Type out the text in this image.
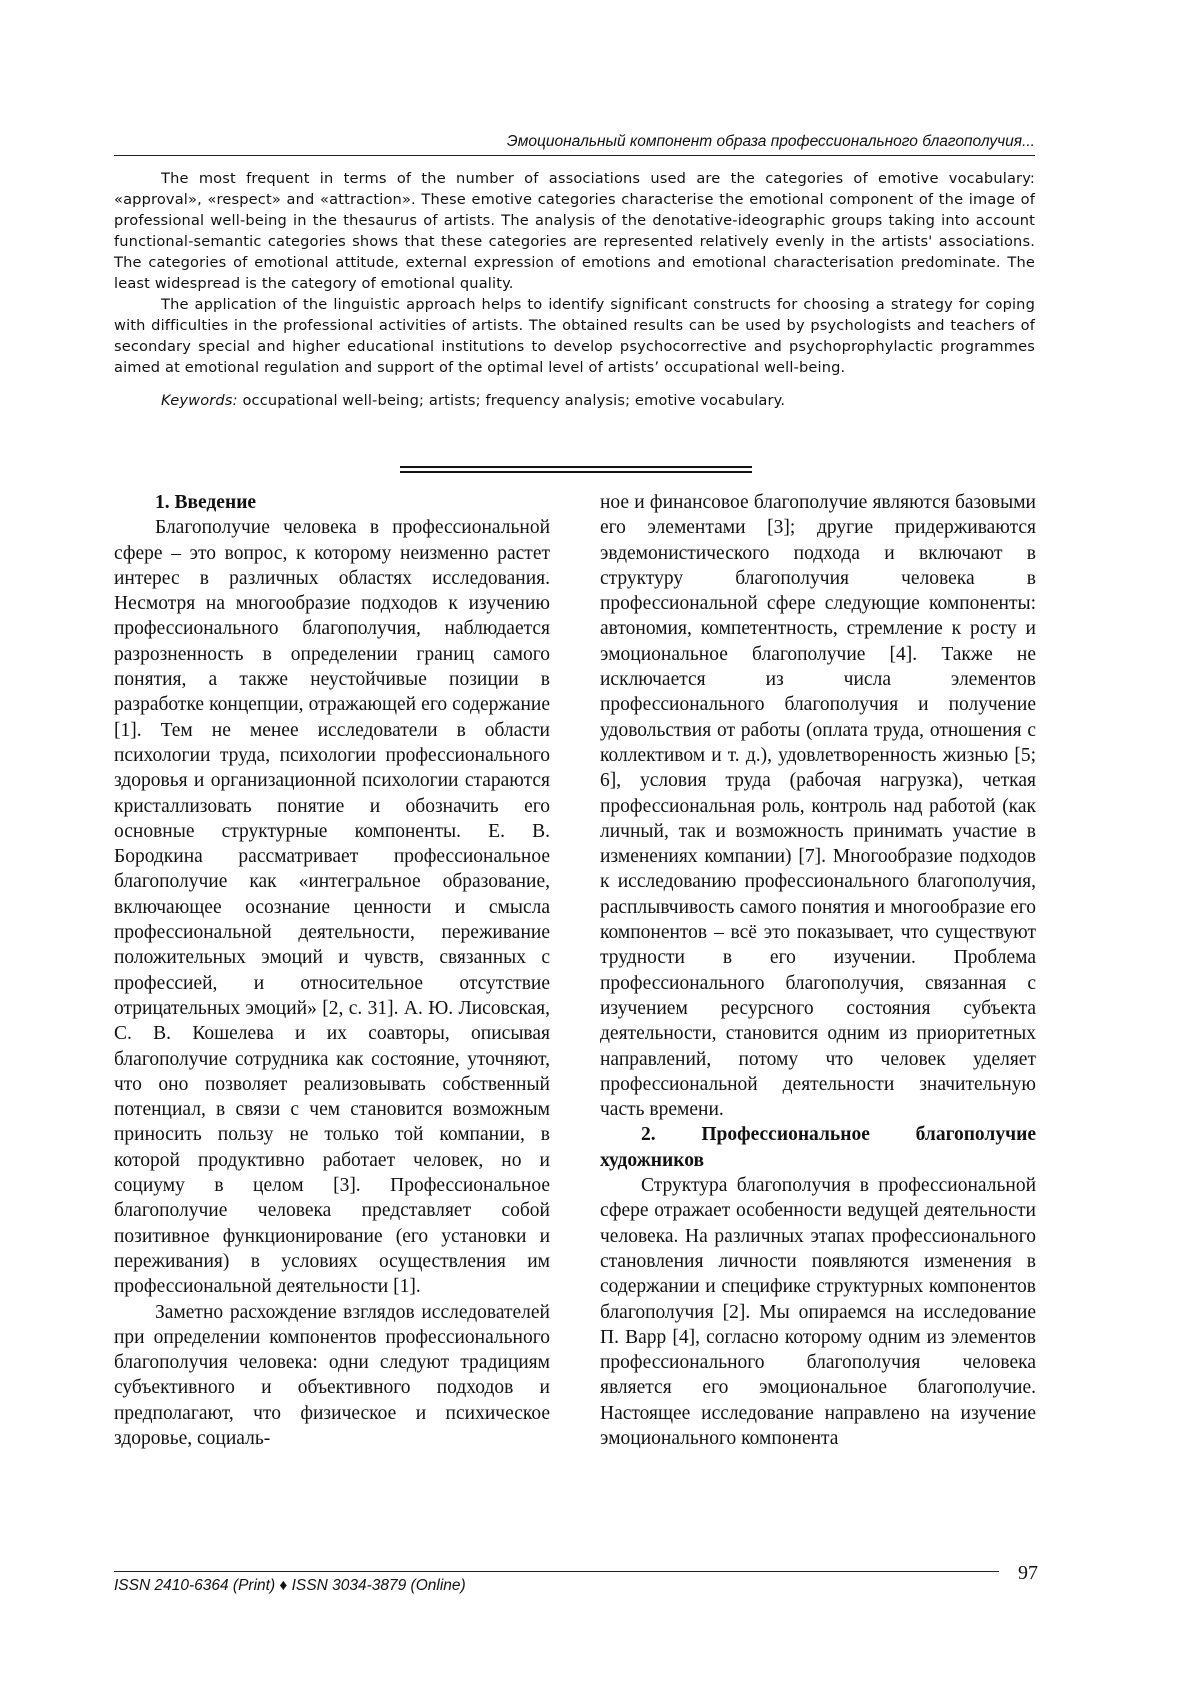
Эмоциональный компонент образа профессионального благополучия...

The most frequent in terms of the number of associations used are the categories of emotive vocabulary: «approval», «respect» and «attraction». These emotive categories characterise the emotional component of the image of professional well-being in the thesaurus of artists. The analysis of the denotative-ideographic groups taking into account functional-semantic categories shows that these categories are represented relatively evenly in the artists' associations. The categories of emotional attitude, external expression of emotions and emotional characterisation predominate. The least widespread is the category of emotional quality.

The application of the linguistic approach helps to identify significant constructs for choosing a strategy for coping with difficulties in the professional activities of artists. The obtained results can be used by psychologists and teachers of secondary special and higher educational institutions to develop psychocorrective and psychoprophylactic programmes aimed at emotional regulation and support of the optimal level of artists’ occupational well-being.

Keywords: occupational well-being; artists; frequency analysis; emotive vocabulary.

1. Введение

Благополучие человека в профессиональной сфере – это вопрос, к которому неизменно растет интерес в различных областях исследования. Несмотря на многообразие подходов к изучению профессионального благополучия, наблюдается разрозненность в определении границ самого понятия, а также неустойчивые позиции в разработке концепции, отражающей его содержание [1]. Тем не менее исследователи в области психологии труда, психологии профессионального здоровья и организационной психологии стараются кристаллизовать понятие и обозначить его основные структурные компоненты. Е. В. Бородкина рассматривает профессиональное благополучие как «интегральное образование, включающее осознание ценности и смысла профессиональной деятельности, переживание положительных эмоций и чувств, связанных с профессией, и относительное отсутствие отрицательных эмоций» [2, с. 31]. А. Ю. Лисовская, С. В. Кошелева и их соавторы, описывая благополучие сотрудника как состояние, уточняют, что оно позволяет реализовывать собственный потенциал, в связи с чем становится возможным приносить пользу не только той компании, в которой продуктивно работает человек, но и социуму в целом [3]. Профессиональное благополучие человека представляет собой позитивное функционирование (его установки и переживания) в условиях осуществления им профессиональной деятельности [1].

Заметно расхождение взглядов исследователей при определении компонентов профессионального благополучия человека: одни следуют традициям субъективного и объективного подходов и предполагают, что физическое и психическое здоровье, социаль-

ное и финансовое благополучие являются базовыми его элементами [3]; другие придерживаются эвдемонистического подхода и включают в структуру благополучия человека в профессиональной сфере следующие компоненты: автономия, компетентность, стремление к росту и эмоциональное благополучие [4]. Также не исключается из числа элементов профессионального благополучия и получение удовольствия от работы (оплата труда, отношения с коллективом и т. д.), удовлетворенность жизнью [5; 6], условия труда (рабочая нагрузка), четкая профессиональная роль, контроль над работой (как личный, так и возможность принимать участие в изменениях компании) [7]. Многообразие подходов к исследованию профессионального благополучия, расплывчивость самого понятия и многообразие его компонентов – всё это показывает, что существуют трудности в его изучении. Проблема профессионального благополучия, связанная с изучением ресурсного состояния субъекта деятельности, становится одним из приоритетных направлений, потому что человек уделяет профессиональной деятельности значительную часть времени.

2. Профессиональное благополучие
художников

Структура благополучия в профессиональной сфере отражает особенности ведущей деятельности человека. На различных этапах профессионального становления личности появляются изменения в содержании и специфике структурных компонентов благополучия [2]. Мы опираемся на исследование П. Варр [4], согласно которому одним из элементов профессионального благополучия человека является его эмоциональное благополучие. Настоящее исследование направлено на изучение эмоционального компонента

ISSN 2410-6364 (Print) ♦ ISSN 3034-3879 (Online)
97
